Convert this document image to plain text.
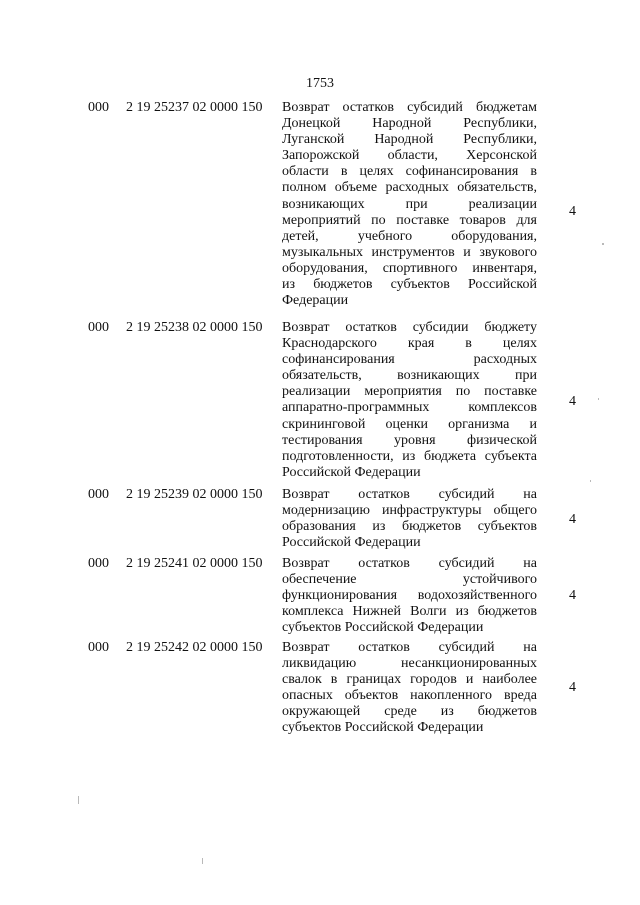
1753
000 2 19 25237 02 0000 150 Возврат остатков субсидий бюджетам
Донецкой Народной Республики,
Луганской Народной Республики,
Запорожской области, Херсонской
области в целях софинансирования в
полном объеме расходных обязательств,
возникающих при реализации
мероприятий по поставке товаров для
детей, учебного оборудования,
музыкальных инструментов и звукового
оборудования, спортивного инвентаря,
из бюджетов субъектов Российской
Федерации
4
000 2 19 25238 02 0000 150 Возврат остатков субсидии бюджету
Краснодарского края в целях
софинансирования расходных
обязательств, возникающих при
реализации мероприятия по поставке
аппаратно-программных комплексов
скрининговой оценки организма и
тестирования уровня физической
подготовленности, из бюджета субъекта
Российской Федерации
4
000 2 19 25239 02 0000 150 Возврат остатков субсидий на
модернизацию инфраструктуры общего
образования из бюджетов субъектов
Российской Федерации
4
000 2 19 25241 02 0000 150 Возврат остатков субсидий на
обеспечение устойчивого
функционирования водохозяйственного
комплекса Нижней Волги из бюджетов
субъектов Российской Федерации
4
000 2 19 25242 02 0000 150 Возврат остатков субсидий на
ликвидацию несанкционированных
свалок в границах городов и наиболее
опасных объектов накопленного вреда
окружающей среде из бюджетов
субъектов Российской Федерации
4
